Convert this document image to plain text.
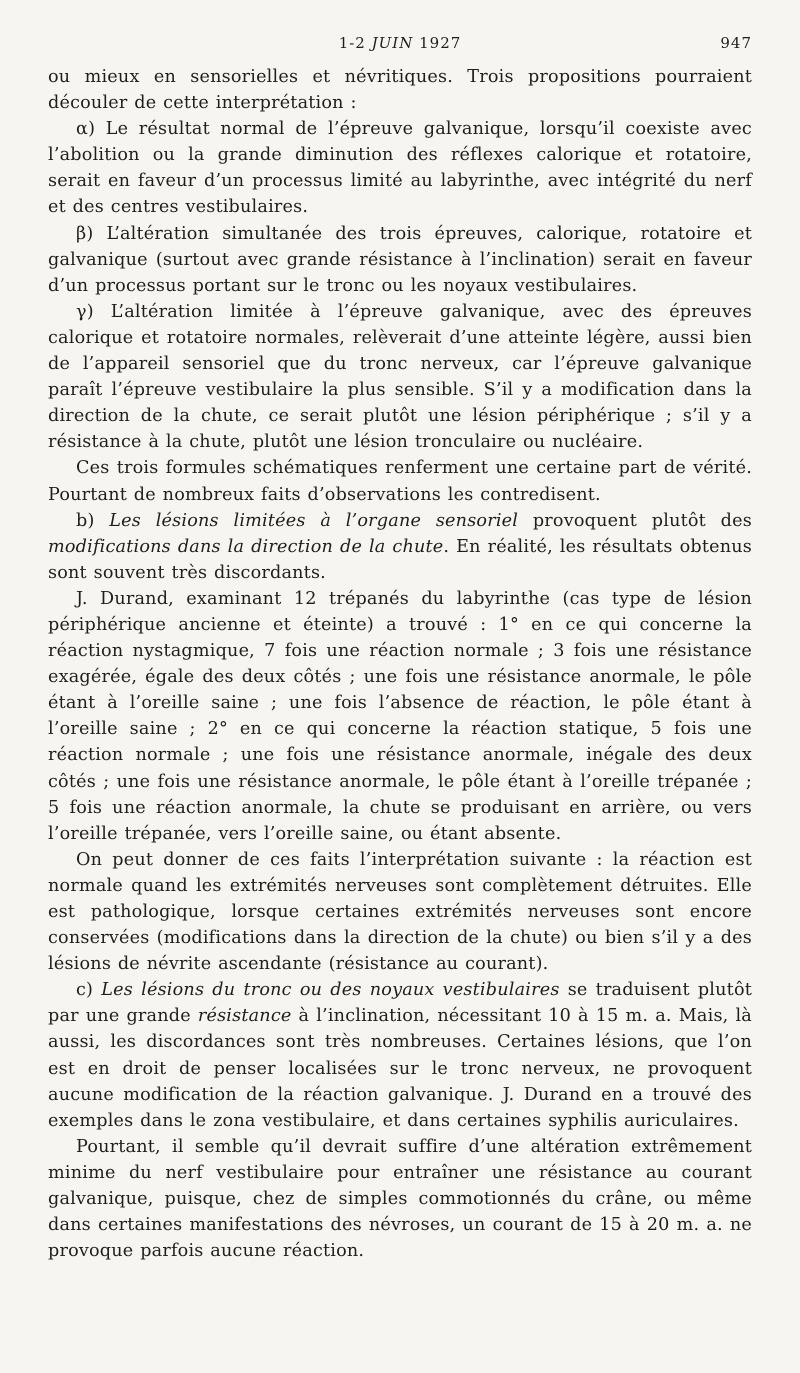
1-2 JUIN 1927	947

ou mieux en sensorielles et névritiques. Trois propositions pourraient découler de cette interprétation :

α) Le résultat normal de l’épreuve galvanique, lorsqu’il coexiste avec l’abolition ou la grande diminution des réflexes calorique et rotatoire, serait en faveur d’un processus limité au labyrinthe, avec intégrité du nerf et des centres vestibulaires.

β) L’altération simultanée des trois épreuves, calorique, rotatoire et galvanique (surtout avec grande résistance à l’inclination) serait en faveur d’un processus portant sur le tronc ou les noyaux vestibulaires.

γ) L’altération limitée à l’épreuve galvanique, avec des épreuves calorique et rotatoire normales, relèverait d’une atteinte légère, aussi bien de l’appareil sensoriel que du tronc nerveux, car l’épreuve galvanique paraît l’épreuve vestibulaire la plus sensible. S’il y a modification dans la direction de la chute, ce serait plutôt une lésion périphérique ; s’il y a résistance à la chute, plutôt une lésion tronculaire ou nucléaire.

Ces trois formules schématiques renferment une certaine part de vérité. Pourtant de nombreux faits d’observations les contredisent.

b) Les lésions limitées à l’organe sensoriel provoquent plutôt des modifications dans la direction de la chute. En réalité, les résultats obtenus sont souvent très discordants.

J. Durand, examinant 12 trépanés du labyrinthe (cas type de lésion périphérique ancienne et éteinte) a trouvé : 1° en ce qui concerne la réaction nystagmique, 7 fois une réaction normale ; 3 fois une résistance exagérée, égale des deux côtés ; une fois une résistance anormale, le pôle étant à l’oreille saine ; une fois l’absence de réaction, le pôle étant à l’oreille saine ; 2° en ce qui concerne la réaction statique, 5 fois une réaction normale ; une fois une résistance anormale, inégale des deux côtés ; une fois une résistance anormale, le pôle étant à l’oreille trépanée ; 5 fois une réaction anormale, la chute se produisant en arrière, ou vers l’oreille trépanée, vers l’oreille saine, ou étant absente.

On peut donner de ces faits l’interprétation suivante : la réaction est normale quand les extrémités nerveuses sont complètement détruites. Elle est pathologique, lorsque certaines extrémités nerveuses sont encore conservées (modifications dans la direction de la chute) ou bien s’il y a des lésions de névrite ascendante (résistance au courant).

c) Les lésions du tronc ou des noyaux vestibulaires se traduisent plutôt par une grande résistance à l’inclination, nécessitant 10 à 15 m. a. Mais, là aussi, les discordances sont très nombreuses. Certaines lésions, que l’on est en droit de penser localisées sur le tronc nerveux, ne provoquent aucune modification de la réaction galvanique. J. Durand en a trouvé des exemples dans le zona vestibulaire, et dans certaines syphilis auriculaires.

Pourtant, il semble qu’il devrait suffire d’une altération extrêmement minime du nerf vestibulaire pour entraîner une résistance au courant galvanique, puisque, chez de simples commotionnés du crâne, ou même dans certaines manifestations des névroses, un courant de 15 à 20 m. a. ne provoque parfois aucune réaction.
